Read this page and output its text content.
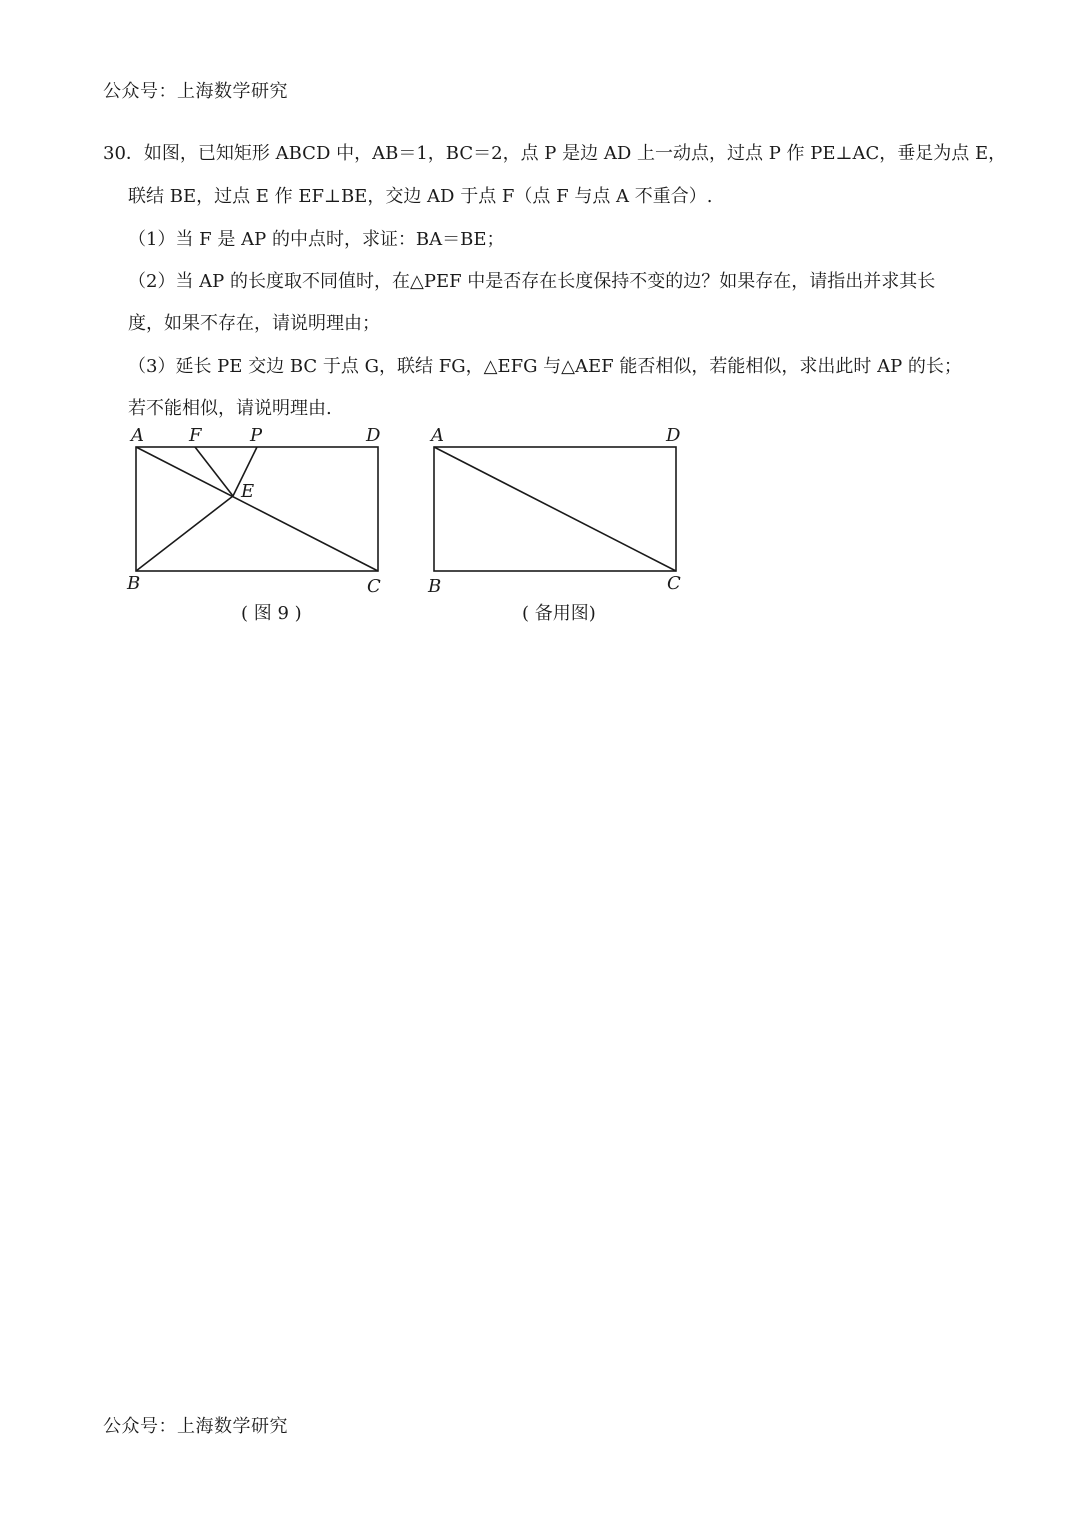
公众号：上海数学研究
30．如图，已知矩形 ABCD 中，AB＝1，BC＝2，点 P 是边 AD 上一动点，过点 P 作 PE⊥AC，垂足为点 E，
联结 BE，过点 E 作 EF⊥BE，交边 AD 于点 F（点 F 与点 A 不重合）.
（1）当 F 是 AP 的中点时，求证：BA＝BE；
（2）当 AP 的长度取不同值时，在△PEF 中是否存在长度保持不变的边？如果存在，请指出并求其长
度，如果不存在，请说明理由；
（3）延长 PE 交边 BC 于点 G，联结 FG，△EFG 与△AEF 能否相似，若能相似，求出此时 AP 的长；
若不能相似，请说明理由.
A	F	P	D
E
B	C
( 图 9 )
A	D
B	C
( 备用图)
公众号：上海数学研究
